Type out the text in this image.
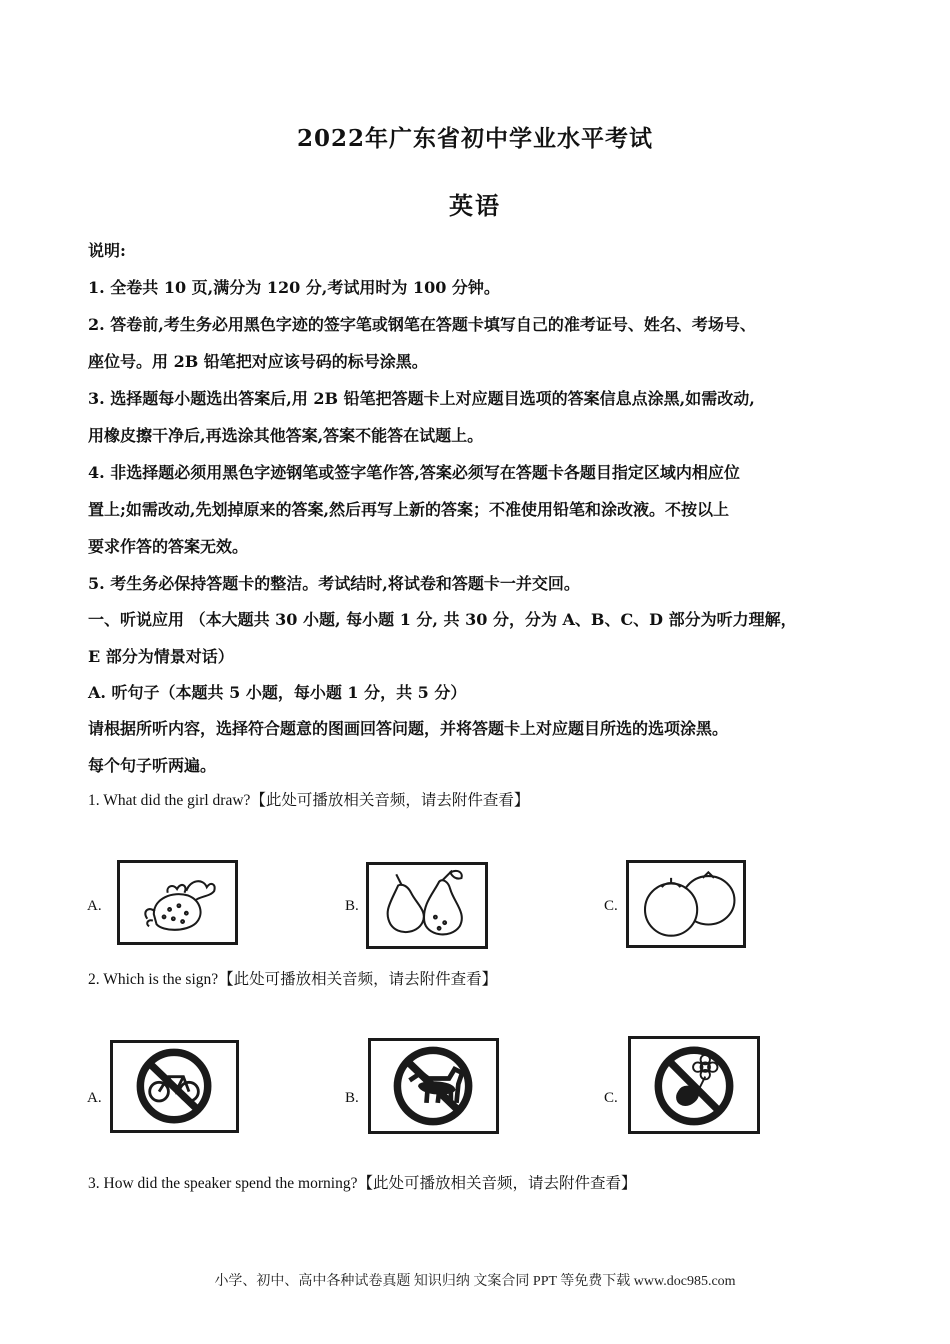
2022年广东省初中学业水平考试
英语
说明:
1. 全卷共 10 页,满分为 120 分,考试用时为 100 分钟。
2. 答卷前,考生务必用黑色字迹的签字笔或钢笔在答题卡填写自己的准考证号、姓名、考场号、
座位号。用 2B 铅笔把对应该号码的标号涂黑。
3. 选择题每小题选出答案后,用 2B 铅笔把答题卡上对应题目选项的答案信息点涂黑,如需改动,
用橡皮擦干净后,再选涂其他答案,答案不能答在试题上。
4. 非选择题必须用黑色字迹钢笔或签字笔作答,答案必须写在答题卡各题目指定区域内相应位
置上;如需改动,先划掉原来的答案,然后再写上新的答案；不准使用铅笔和涂改液。不按以上
要求作答的答案无效。
5. 考生务必保持答题卡的整洁。考试结时,将试卷和答题卡一并交回。
一、听说应用 （本大题共 30 小题, 每小题 1 分, 共 30 分，分为 A、B、C、D 部分为听力理解，
E 部分为情景对话）
A. 听句子（本题共 5 小题，每小题 1 分，共 5 分）
请根据所听内容，选择符合题意的图画回答问题，并将答题卡上对应题目所选的选项涂黑。
每个句子听两遍。
1. What did the girl draw?【此处可播放相关音频，请去附件查看】
A.	B.	C.
2. Which is the sign?【此处可播放相关音频，请去附件查看】
A.	B.	C.
3. How did the speaker spend the morning?【此处可播放相关音频，请去附件查看】
小学、初中、高中各种试卷真题 知识归纳 文案合同 PPT 等免费下载 www.doc985.com
